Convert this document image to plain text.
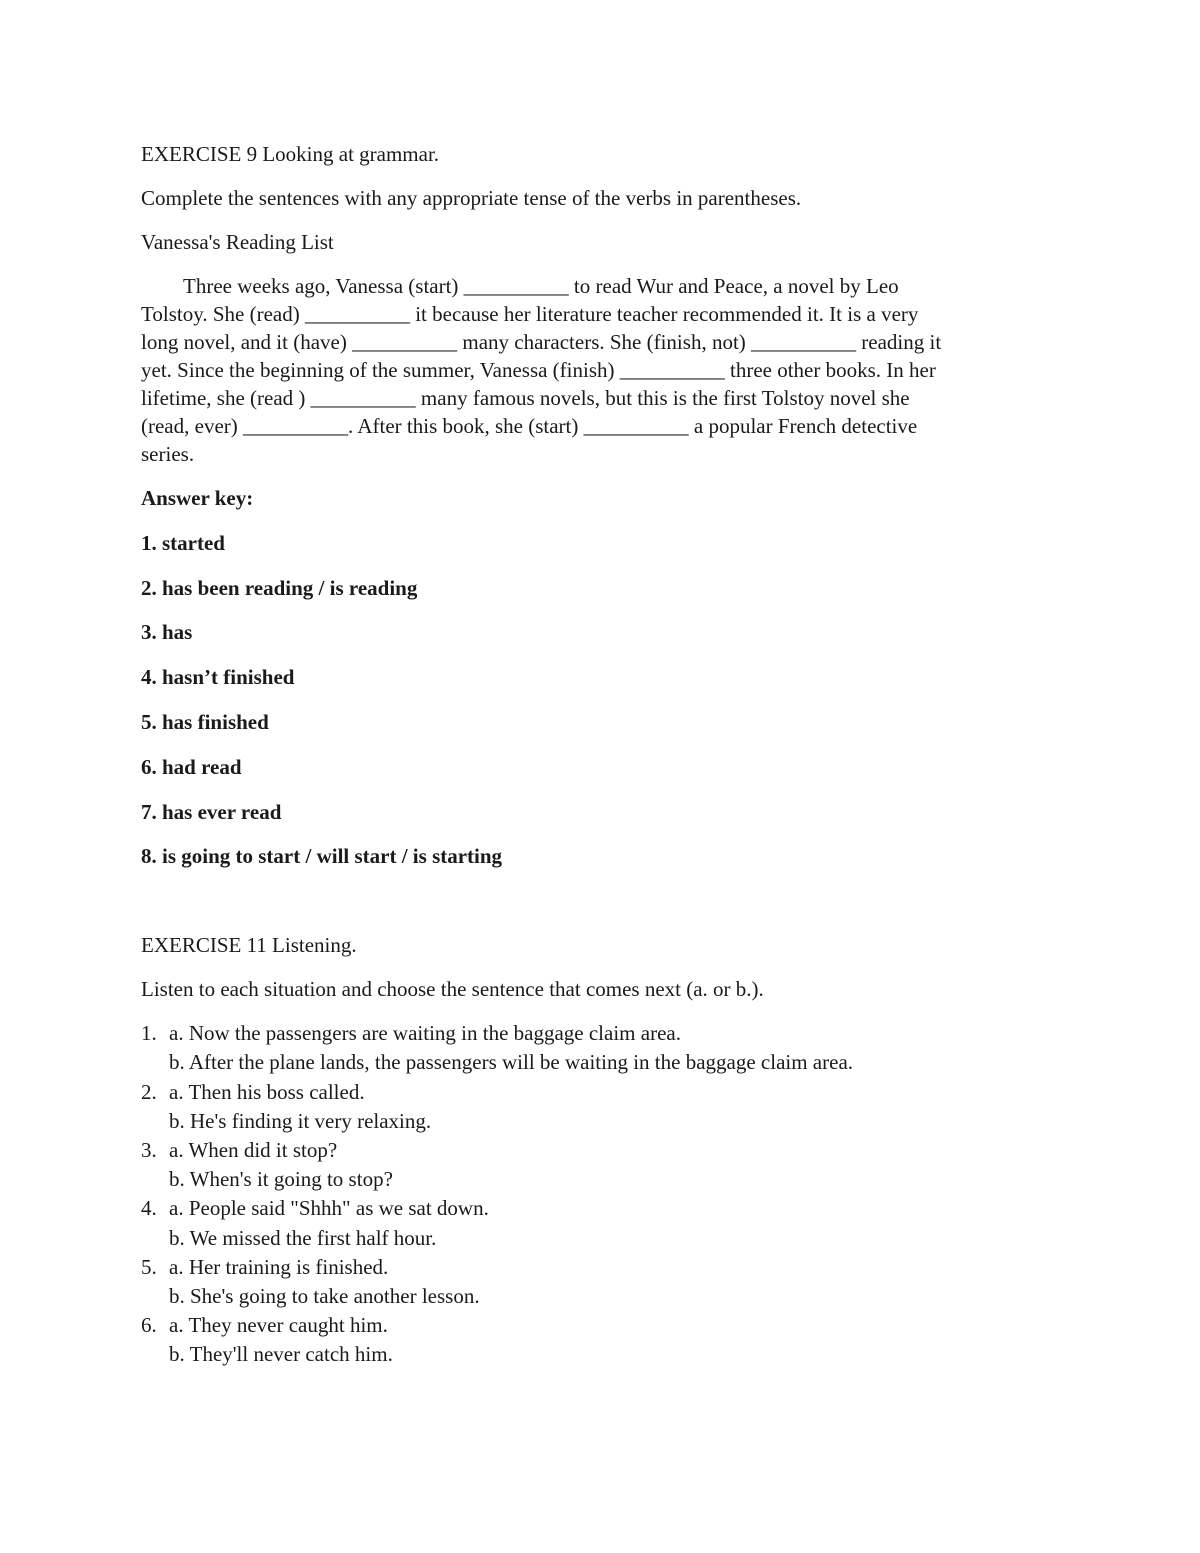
EXERCISE 9 Looking at grammar.

Complete the sentences with any appropriate tense of the verbs in parentheses.

Vanessa's Reading List

Three weeks ago, Vanessa (start) __________ to read Wur and Peace, a novel by Leo
Tolstoy. She (read) __________ it because her literature teacher recommended it. It is a very
long novel, and it (have) __________ many characters. She (finish, not) __________ reading it
yet. Since the beginning of the summer, Vanessa (finish) __________ three other books. In her
lifetime, she (read ) __________ many famous novels, but this is the first Tolstoy novel she
(read, ever) __________. After this book, she (start) __________ a popular French detective
series.

Answer key:

1. started

2. has been reading / is reading

3. has

4. hasn’t finished

5. has finished

6. had read

7. has ever read

8. is going to start / will start / is starting

EXERCISE 11 Listening.

Listen to each situation and choose the sentence that comes next (a. or b.).

1. a. Now the passengers are waiting in the baggage claim area.
b. After the plane lands, the passengers will be waiting in the baggage claim area.
2. a. Then his boss called.
b. He's finding it very relaxing.
3. a. When did it stop?
b. When's it going to stop?
4. a. People said "Shhh" as we sat down.
b. We missed the first half hour.
5. a. Her training is finished.
b. She's going to take another lesson.
6. a. They never caught him.
b. They'll never catch him.
